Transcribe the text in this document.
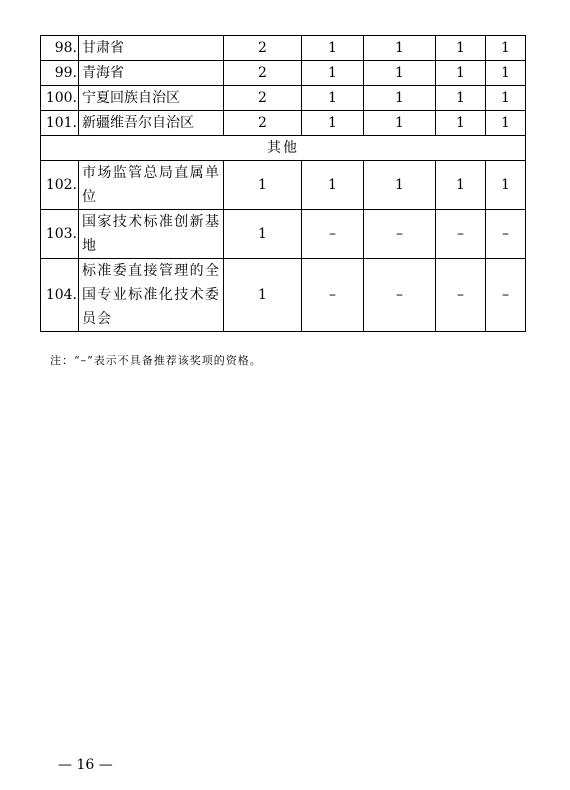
98.	甘肃省	2	1	1	1	1
99.	青海省	2	1	1	1	1
100.	宁夏回族自治区	2	1	1	1	1
101.	新疆维吾尔自治区	2	1	1	1	1
其他						
102.	市场监管总局直属单位	1	1	1	1	1
103.	国家技术标准创新基地	1	–	–	–	–
104.	标准委直接管理的全国专业标准化技术委员会	1	–	–	–	–
注：“–”表示不具备推荐该奖项的资格。
— 16 —
